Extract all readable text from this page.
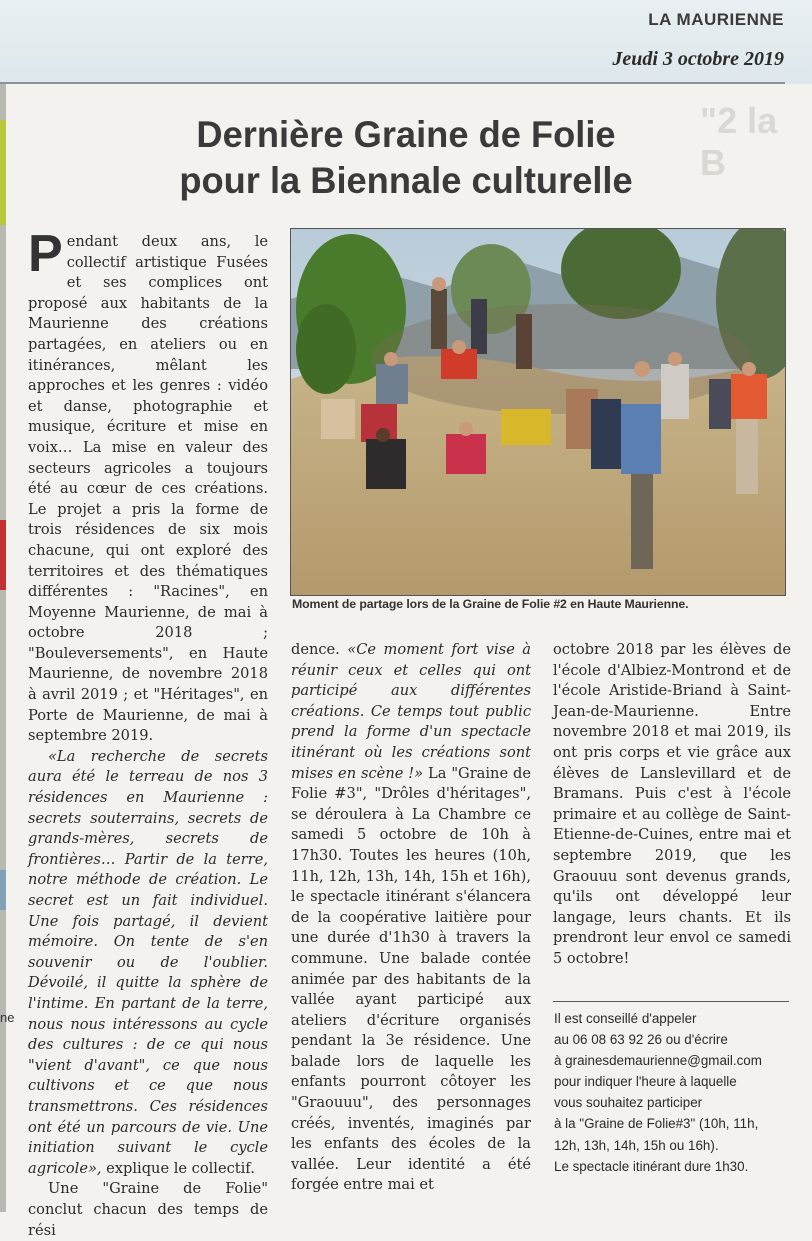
LA MAURIENNE
Jeudi 3 octobre 2019
ne
"2 la B
Dernière Graine de Folie
pour la Biennale culturelle
Moment de partage lors de la Graine de Folie #2 en Haute Maurienne.

Pendant deux ans, le collectif artistique Fusées et ses complices ont proposé aux habitants de la Maurienne des créations partagées, en ateliers ou en itinérances, mêlant les approches et les genres : vidéo et danse, photographie et musique, écriture et mise en voix… La mise en valeur des secteurs agricoles a toujours été au cœur de ces créations. Le projet a pris la forme de trois résidences de six mois chacune, qui ont exploré des territoires et des thématiques différentes : "Racines", en Moyenne Maurienne, de mai à octobre 2018 ; "Bouleversements", en Haute Maurienne, de novembre 2018 à avril 2019 ; et "Héritages", en Porte de Maurienne, de mai à septembre 2019.

«La recherche de secrets aura été le terreau de nos 3 résidences en Maurienne : secrets souterrains, secrets de grands-mères, secrets de frontières… Partir de la terre, notre méthode de création. Le secret est un fait individuel. Une fois partagé, il devient mémoire. On tente de s'en souvenir ou de l'oublier. Dévoilé, il quitte la sphère de l'intime. En partant de la terre, nous nous intéressons au cycle des cultures : de ce qui nous "vient d'avant", ce que nous cultivons et ce que nous transmettrons. Ces résidences ont été un parcours de vie. Une initiation suivant le cycle agricole», explique le collectif.

Une "Graine de Folie" conclut chacun des temps de rési

dence. «Ce moment fort vise à réunir ceux et celles qui ont participé aux différentes créations. Ce temps tout public prend la forme d'un spectacle itinérant où les créations sont mises en scène !» La "Graine de Folie #3", "Drôles d'héritages", se déroulera à La Chambre ce samedi 5 octobre de 10h à 17h30. Toutes les heures (10h, 11h, 12h, 13h, 14h, 15h et 16h), le spectacle itinérant s'élancera de la coopérative laitière pour une durée d'1h30 à travers la commune. Une balade contée animée par des habitants de la vallée ayant participé aux ateliers d'écriture organisés pendant la 3e résidence. Une balade lors de laquelle les enfants pourront côtoyer les "Graouuu", des personnages créés, inventés, imaginés par les enfants des écoles de la vallée. Leur identité a été forgée entre mai et

octobre 2018 par les élèves de l'école d'Albiez-Montrond et de l'école Aristide-Briand à Saint-Jean-de-Maurienne. Entre novembre 2018 et mai 2019, ils ont pris corps et vie grâce aux élèves de Lanslevillard et de Bramans. Puis c'est à l'école primaire et au collège de Saint-Etienne-de-Cuines, entre mai et septembre 2019, que les Graouuu sont devenus grands, qu'ils ont développé leur langage, leurs chants. Et ils prendront leur envol ce samedi 5 octobre!

Il est conseillé d'appeler
au 06 08 63 92 26 ou d'écrire
à grainesdemaurienne@gmail.com
pour indiquer l'heure à laquelle
vous souhaitez participer
à la "Graine de Folie#3" (10h, 11h,
12h, 13h, 14h, 15h ou 16h).
Le spectacle itinérant dure 1h30.
